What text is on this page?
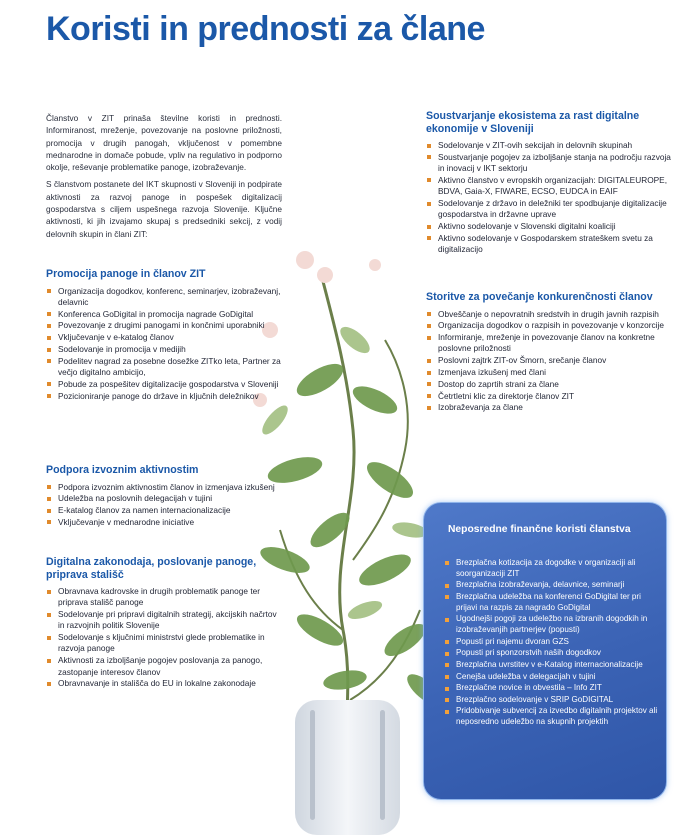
Koristi in prednosti za člane

Članstvo v ZIT prinaša številne koristi in prednosti. Informiranost, mreženje, povezovanje na poslovne priložnosti, promocija v drugih panogah, vključenost v pomembne mednarodne in domače pobude, vpliv na regulativo in podporno okolje, reševanje problematike panoge, izobraževanje.

S članstvom postanete del IKT skupnosti v Sloveniji in podpirate aktivnosti za razvoj panoge in pospešek digitalizacij gospodarstva s ciljem uspešnega razvoja Slovenije. Ključne aktivnosti, ki jih izvajamo skupaj s predsedniki sekcij, z vodij delovnih skupin in člani ZIT:

Promocija panoge in članov ZIT
Organizacija dogodkov, konferenc, seminarjev, izobraževanj, delavnic
Konferenca GoDigital in promocija nagrade GoDigital
Povezovanje z drugimi panogami in končnimi uporabniki
Vključevanje v e-katalog članov
Sodelovanje in promocija v medijih
Podelitev nagrad za posebne dosežke ZITko leta, Partner za večjo digitalno ambicijo,
Pobude za pospešitev digitalizacije gospodarstva v Sloveniji
Pozicioniranje panoge do države in ključnih deležnikov
Podpora izvoznim aktivnostim
Podpora izvoznim aktivnostim članov in izmenjava izkušenj
Udeležba na poslovnih delegacijah v tujini
E-katalog članov za namen internacionalizacije
Vključevanje v mednarodne iniciative
Digitalna zakonodaja, poslovanje panoge, priprava stališč
Obravnava kadrovske in drugih problematik panoge ter priprava stališč panoge
Sodelovanje pri pripravi digitalnih strategij, akcijskih načrtov in razvojnih politik Slovenije
Sodelovanje s ključnimi ministrstvi glede problematike in razvoja panoge
Aktivnosti za izboljšanje pogojev poslovanja za panogo, zastopanje interesov članov
Obravnavanje in stališča do EU in lokalne zakonodaje
Soustvarjanje ekosistema za rast digitalne ekonomije v Sloveniji
Sodelovanje v ZIT-ovih sekcijah in delovnih skupinah
Soustvarjanje pogojev za izboljšanje stanja na področju razvoja in inovacij v IKT sektorju
Aktivno članstvo v evropskih organizacijah: DIGITALEUROPE, BDVA, Gaia-X, FIWARE, ECSO, EUDCA in EAIF
Sodelovanje z državo in deležniki ter spodbujanje digitalizacije gospodarstva in državne uprave
Aktivno sodelovanje v Slovenski digitalni koaliciji
Aktivno sodelovanje v Gospodarskem strateškem svetu za digitalizacijo
Storitve za povečanje konkurenčnosti članov
Obveščanje o nepovratnih sredstvih in drugih javnih razpisih
Organizacija dogodkov o razpisih in povezovanje v konzorcije
Informiranje, mreženje in povezovanje članov na konkretne poslovne priložnosti
Poslovni zajtrk ZIT-ov Šmorn, srečanje članov
Izmenjava izkušenj med člani
Dostop do zaprtih strani za člane
Četrtletni klic za direktorje članov ZIT
Izobraževanja za člane
Neposredne finančne koristi članstva
Brezplačna kotizacija za dogodke v organizaciji ali soorganizaciji ZIT
Brezplačna izobraževanja, delavnice, seminarji
Brezplačna udeležba na konferenci GoDigital ter pri prijavi na razpis za nagrado GoDigital
Ugodnejši pogoji za udeležbo na izbranih dogodkih in izobraževanjih partnerjev (popusti)
Popusti pri najemu dvoran GZS
Popusti pri sponzorstvih naših dogodkov
Brezplačna uvrstitev v e-Katalog internacionalizacije
Cenejša udeležba v delegacijah v tujini
Brezplačne novice in obvestila – Info ZIT
Brezplačno sodelovanje v SRIP GoDIGITAL
Pridobivanje subvencij za izvedbo digitalnih projektov ali neposredno udeležbo na skupnih projektih
